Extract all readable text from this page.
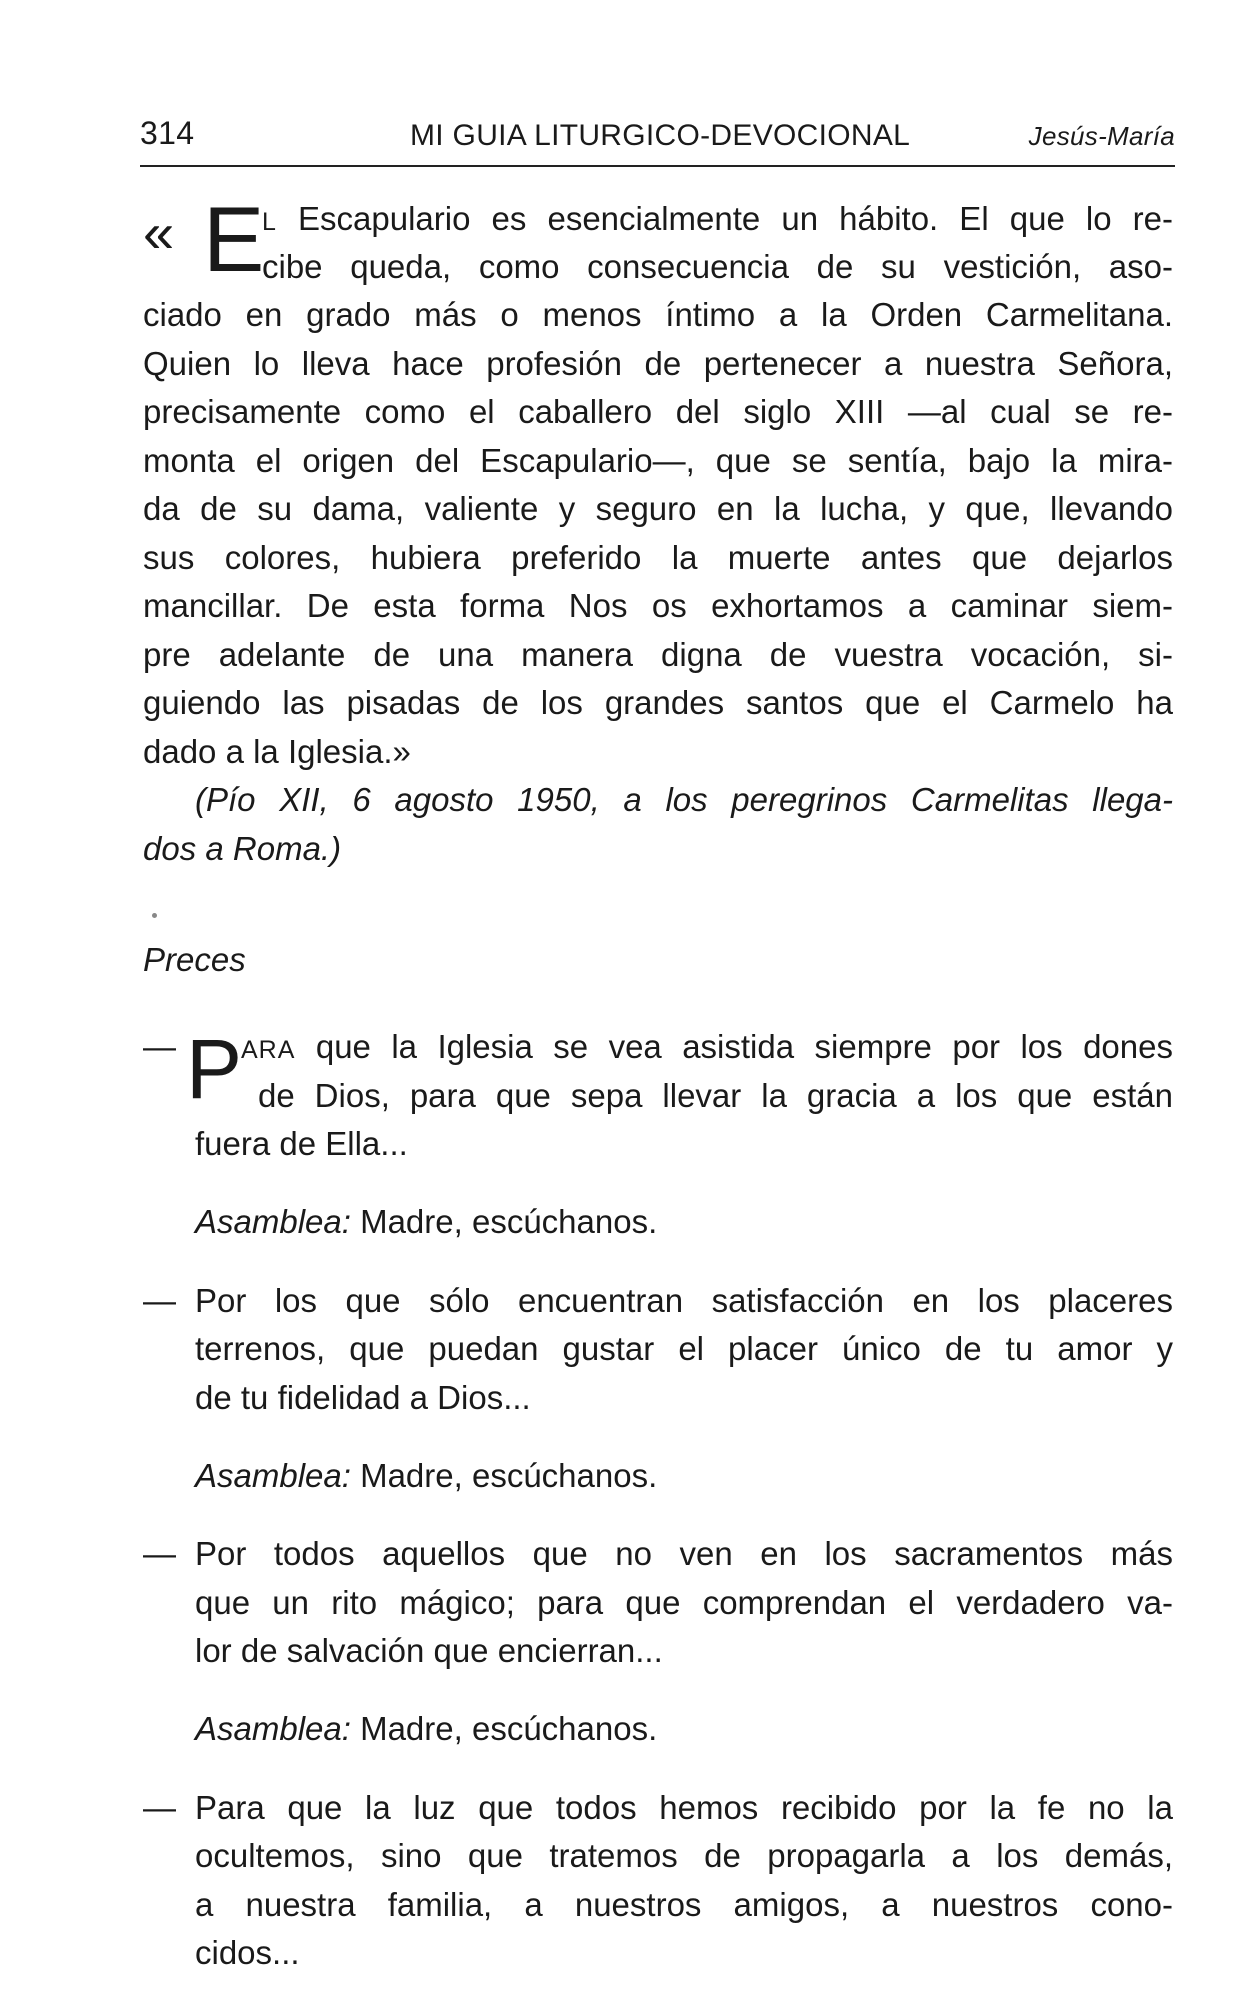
314	MI GUIA LITURGICO-DEVOCIONAL	Jesús-María
« E
L Escapulario es esencialmente un hábito. El que lo re-
cibe queda, como consecuencia de su vestición, aso-
ciado en grado más o menos íntimo a la Orden Carmelitana.
Quien lo lleva hace profesión de pertenecer a nuestra Señora,
precisamente como el caballero del siglo XIII —al cual se re-
monta el origen del Escapulario—, que se sentía, bajo la mira-
da de su dama, valiente y seguro en la lucha, y que, llevando
sus colores, hubiera preferido la muerte antes que dejarlos
mancillar. De esta forma Nos os exhortamos a caminar siem-
pre adelante de una manera digna de vuestra vocación, si-
guiendo las pisadas de los grandes santos que el Carmelo ha
dado a la Iglesia.»
(Pío XII, 6 agosto 1950, a los peregrinos Carmelitas llega-
dos a Roma.)
Preces
— P
ARA que la Iglesia se vea asistida siempre por los dones
de Dios, para que sepa llevar la gracia a los que están
fuera de Ella...
Asamblea: Madre, escúchanos.
— Por los que sólo encuentran satisfacción en los placeres
terrenos, que puedan gustar el placer único de tu amor y
de tu fidelidad a Dios...
Asamblea: Madre, escúchanos.
— Por todos aquellos que no ven en los sacramentos más
que un rito mágico; para que comprendan el verdadero va-
lor de salvación que encierran...
Asamblea: Madre, escúchanos.
— Para que la luz que todos hemos recibido por la fe no la
ocultemos, sino que tratemos de propagarla a los demás,
a nuestra familia, a nuestros amigos, a nuestros cono-
cidos...
